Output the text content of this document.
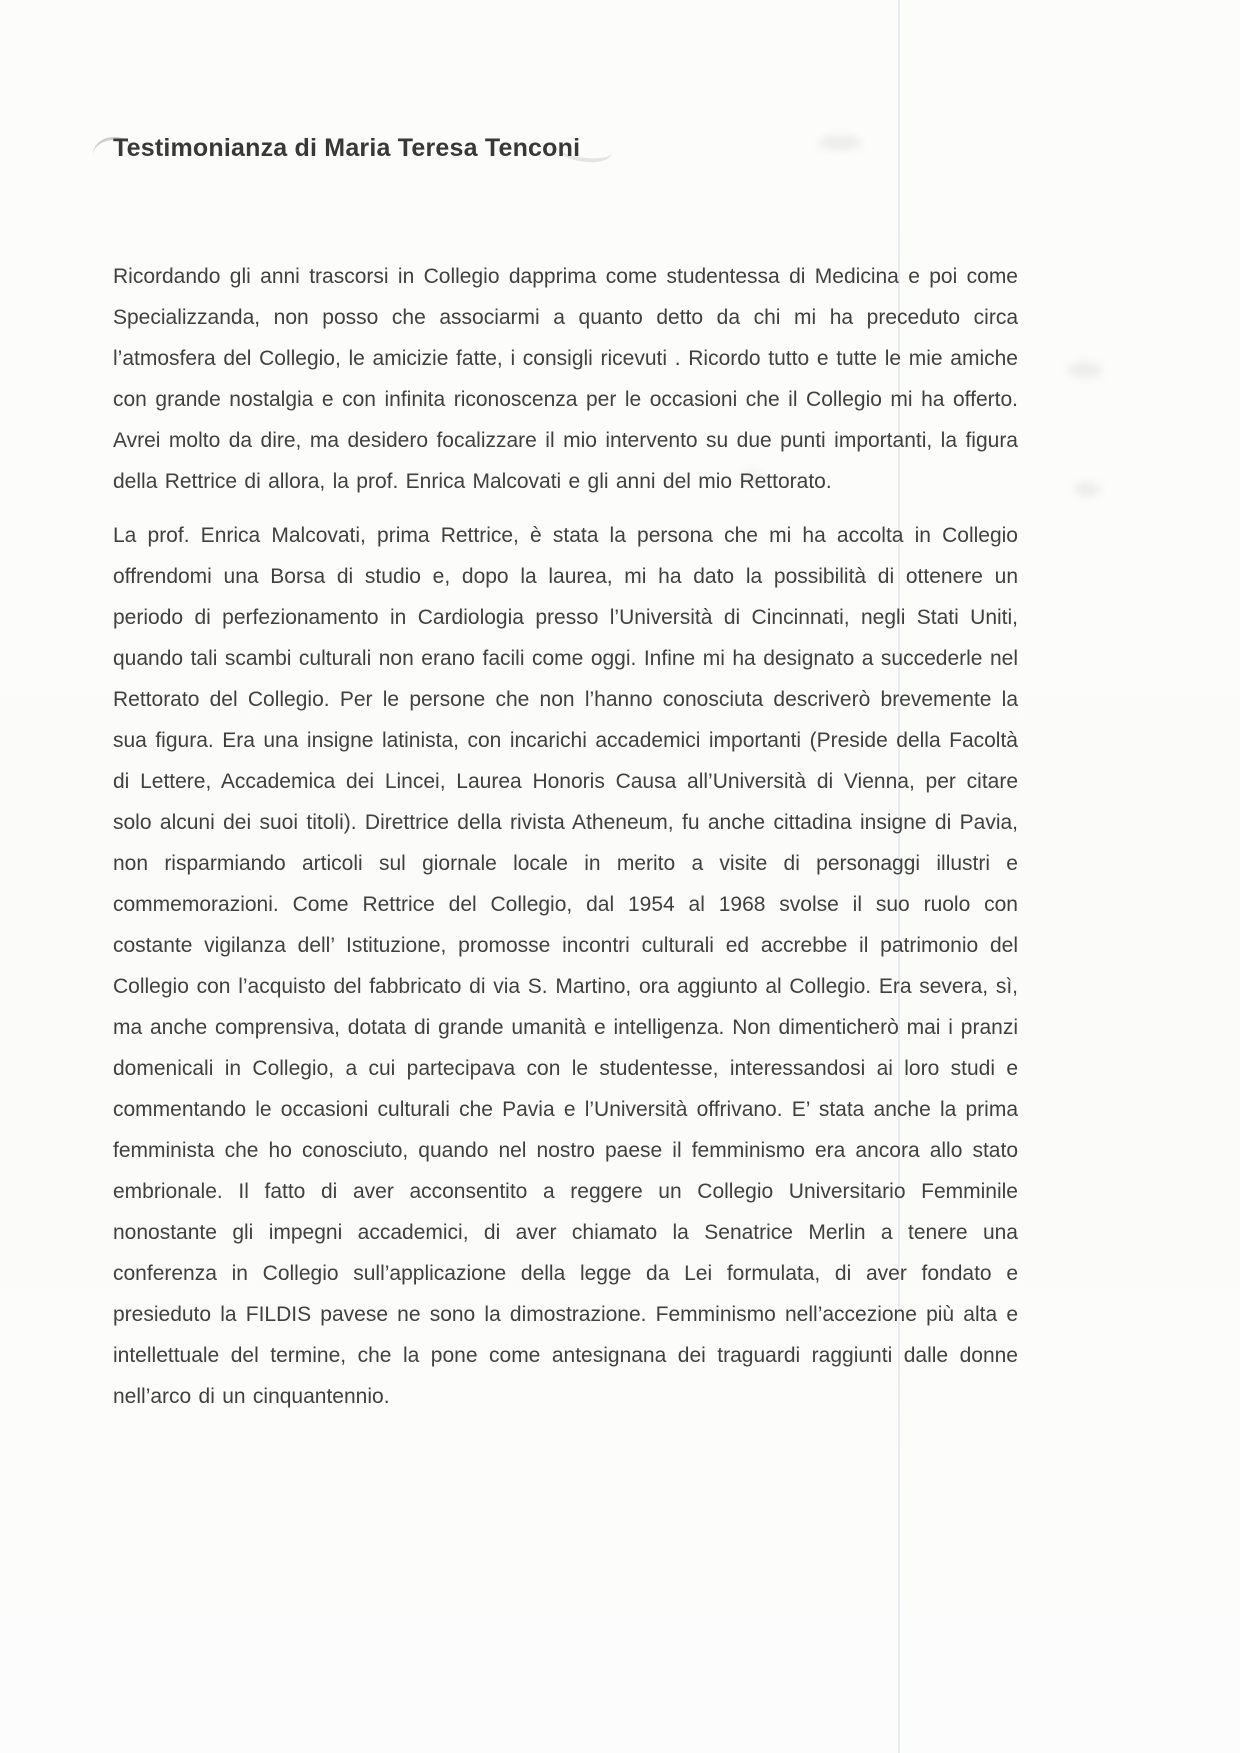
Testimonianza di Maria Teresa Tenconi

Ricordando gli anni trascorsi in Collegio dapprima come studentessa di Medicina e poi come Specializzanda, non posso che associarmi a quanto detto da chi mi ha preceduto circa l’atmosfera del Collegio, le amicizie fatte, i consigli ricevuti . Ricordo tutto e tutte le mie amiche con grande nostalgia e con infinita riconoscenza per le occasioni che il Collegio mi ha offerto. Avrei molto da dire, ma desidero focalizzare il mio intervento su due punti importanti, la figura della Rettrice di allora, la prof. Enrica Malcovati e gli anni del mio Rettorato.

La prof. Enrica Malcovati, prima Rettrice, è stata la persona che mi ha accolta in Collegio offrendomi una Borsa di studio e, dopo la laurea, mi ha dato la possibilità di ottenere un periodo di perfezionamento in Cardiologia presso l’Università di Cincinnati, negli Stati Uniti, quando tali scambi culturali non erano facili come oggi. Infine mi ha designato a succederle nel Rettorato del Collegio. Per le persone che non l’hanno conosciuta descriverò brevemente la sua figura. Era una insigne latinista, con incarichi accademici importanti (Preside della Facoltà di Lettere, Accademica dei Lincei, Laurea Honoris Causa all’Università di Vienna, per citare solo alcuni dei suoi titoli). Direttrice della rivista Atheneum, fu anche cittadina insigne di Pavia, non risparmiando articoli sul giornale locale in merito a visite di personaggi illustri e commemorazioni. Come Rettrice del Collegio, dal 1954 al 1968 svolse il suo ruolo con costante vigilanza dell’ Istituzione, promosse incontri culturali ed accrebbe il patrimonio del Collegio con l’acquisto del fabbricato di via S. Martino, ora aggiunto al Collegio. Era severa, sì, ma anche comprensiva, dotata di grande umanità e intelligenza. Non dimenticherò mai i pranzi domenicali in Collegio, a cui partecipava con le studentesse, interessandosi ai loro studi e commentando le occasioni culturali che Pavia e l’Università offrivano. E’ stata anche la prima femminista che ho conosciuto, quando nel nostro paese il femminismo era ancora allo stato embrionale. Il fatto di aver acconsentito a reggere un Collegio Universitario Femminile nonostante gli impegni accademici, di aver chiamato la Senatrice Merlin a tenere una conferenza in Collegio sull’applicazione della legge da Lei formulata, di aver fondato e presieduto la FILDIS pavese ne sono la dimostrazione. Femminismo nell’accezione più alta e intellettuale del termine, che la pone come antesignana dei traguardi raggiunti dalle donne nell’arco di un cinquantennio.
